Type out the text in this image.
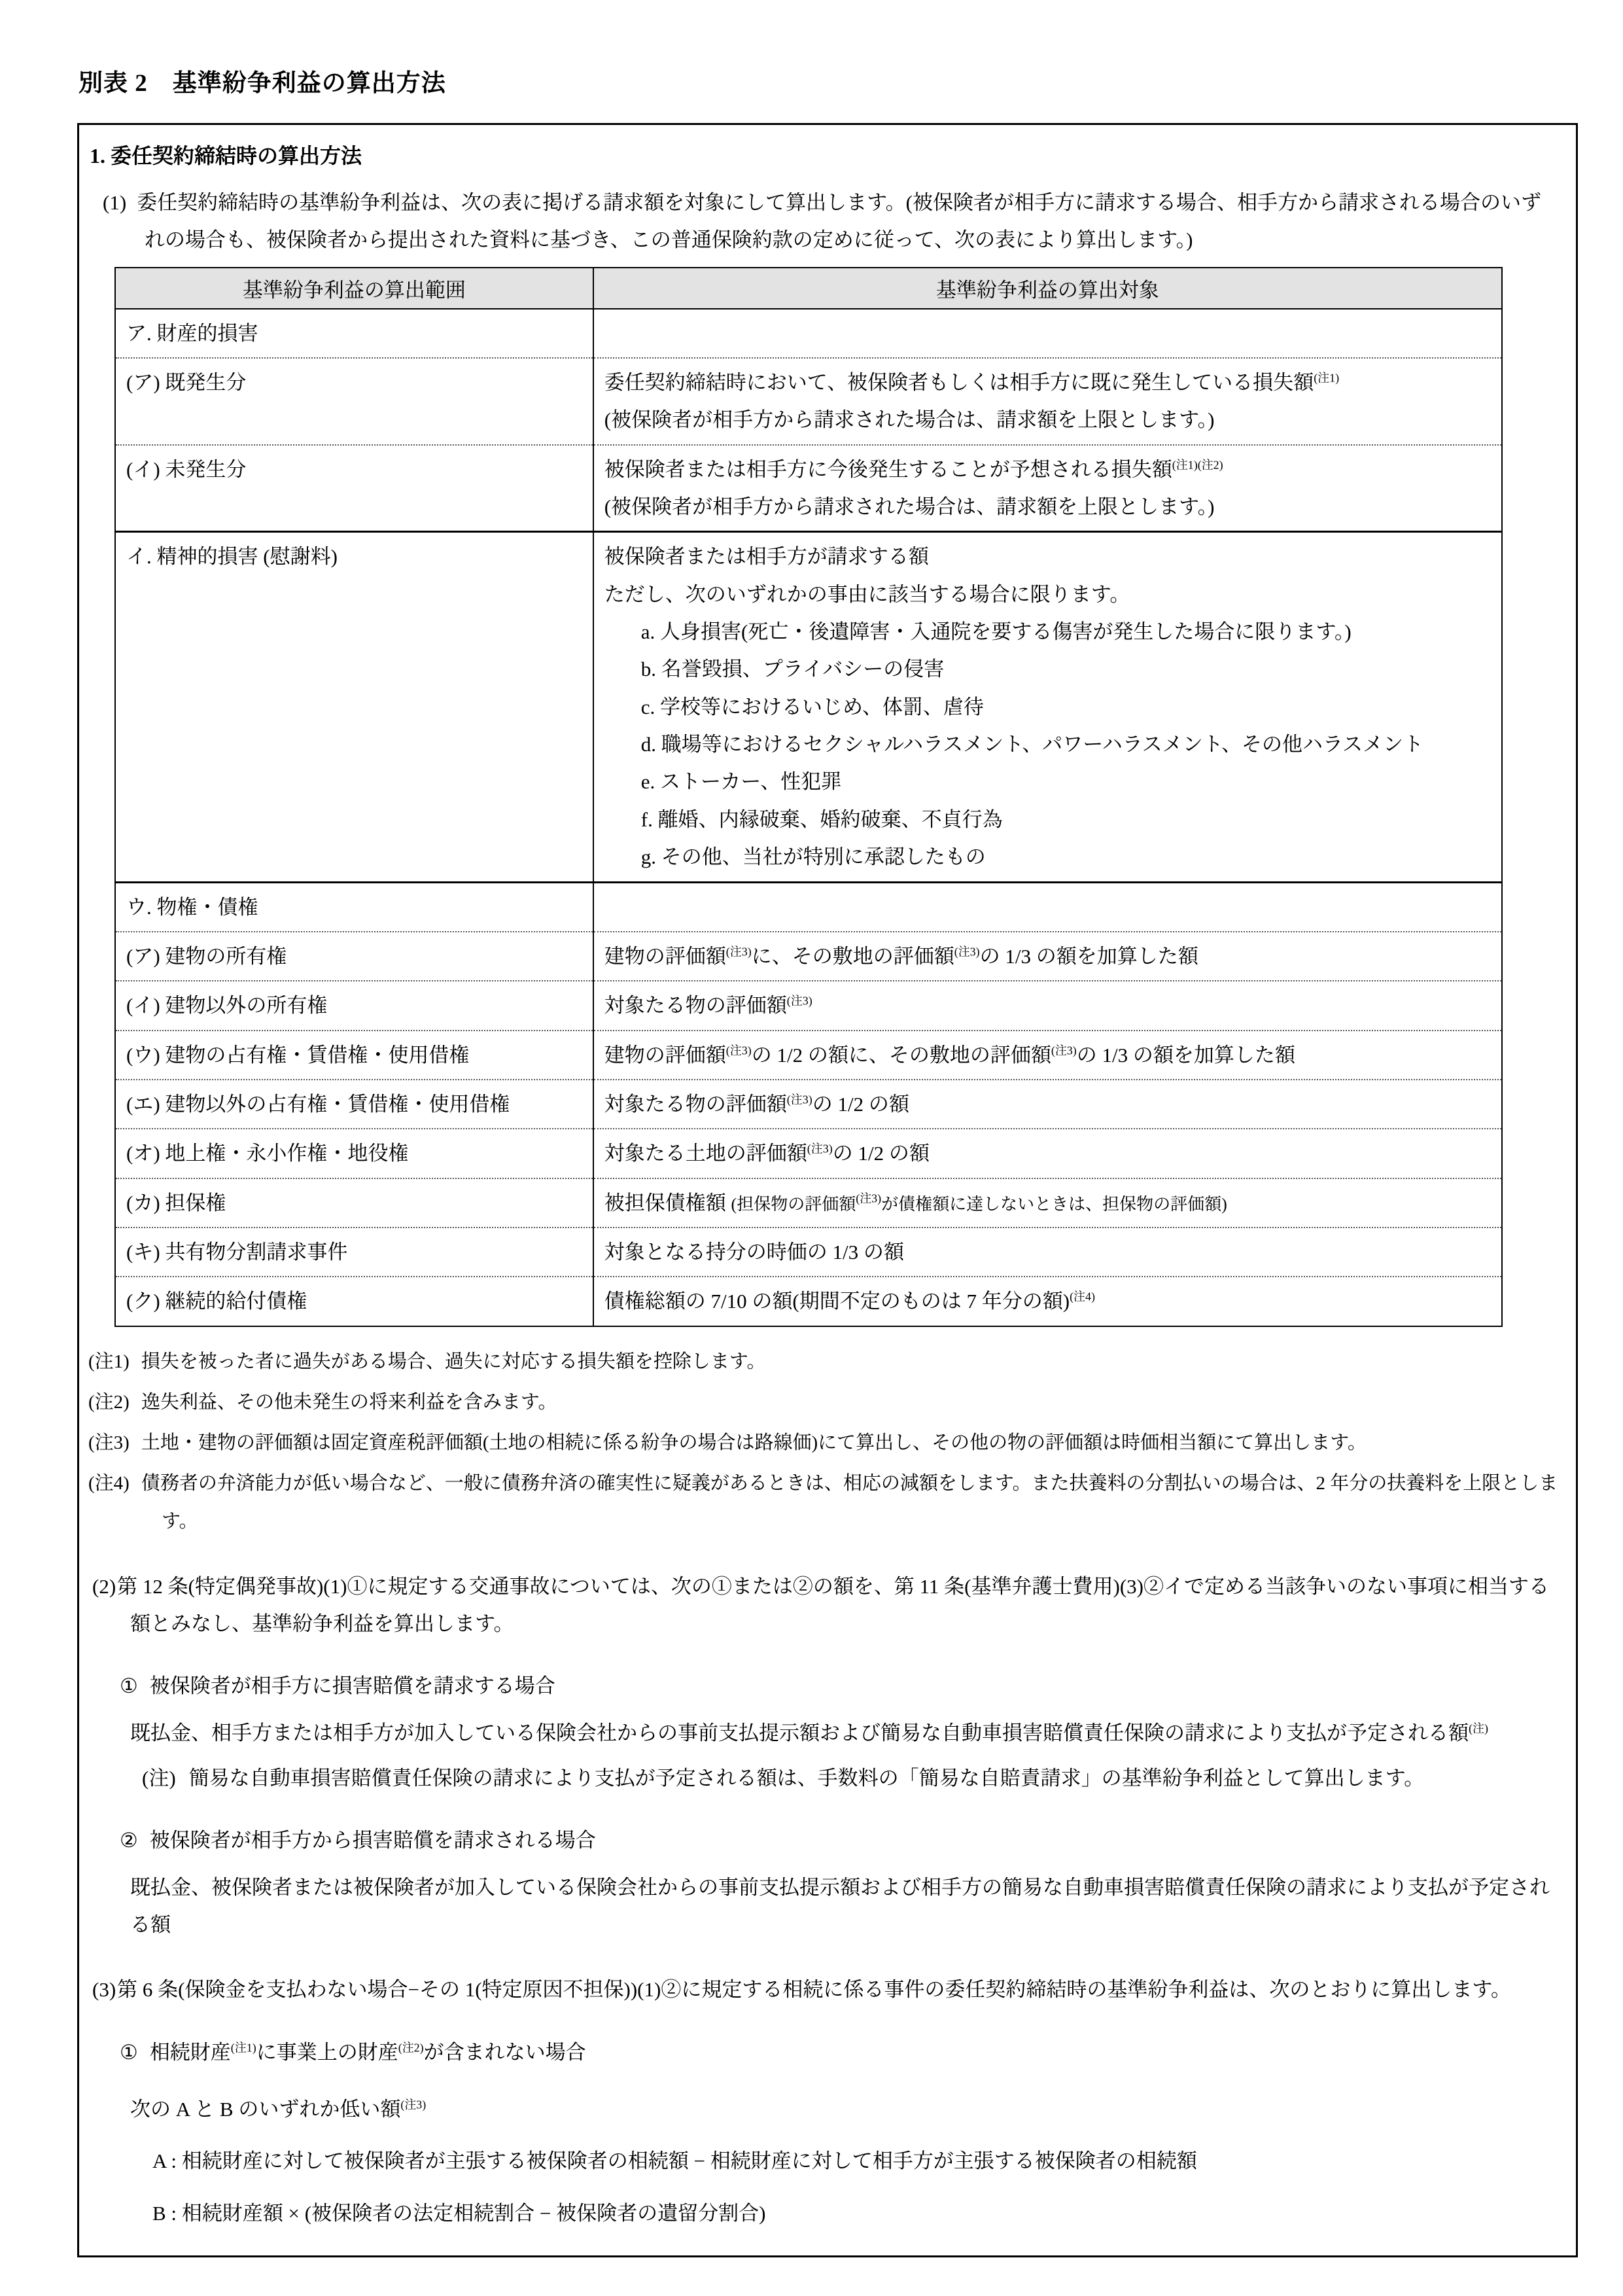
別表 2　基準紛争利益の算出方法
1. 委任契約締結時の算出方法

(1) 委任契約締結時の基準紛争利益は、次の表に掲げる請求額を対象にして算出します。(被保険者が相手方に請求する場合、相手方から請求される場合のいずれの場合も、被保険者から提出された資料に基づき、この普通保険約款の定めに従って、次の表により算出します。)

基準紛争利益の算出範囲	基準紛争利益の算出対象
ア. 財産的損害	
(ア) 既発生分	委任契約締結時において、被保険者もしくは相手方に既に発生している損失額$^{(注1)}$
(被保険者が相手方から請求された場合は、請求額を上限とします。)

(イ) 未発生分	被保険者または相手方に今後発生することが予想される損失額$^{(注1)(注2)}$
(被保険者が相手方から請求された場合は、請求額を上限とします。)

イ. 精神的損害 (慰謝料)	被保険者または相手方が請求する額
ただし、次のいずれかの事由に該当する場合に限ります。
a. 人身損害(死亡・後遺障害・入通院を要する傷害が発生した場合に限ります。)
b. 名誉毀損、プライバシーの侵害
c. 学校等におけるいじめ、体罰、虐待
d. 職場等におけるセクシャルハラスメント、パワーハラスメント、その他ハラスメント
e. ストーカー、性犯罪
f. 離婚、内縁破棄、婚約破棄、不貞行為
g. その他、当社が特別に承認したもの

ウ. 物権・債権	
(ア) 建物の所有権	建物の評価額$^{(注3)}$に、その敷地の評価額$^{(注3)}$の 1/3 の額を加算した額

(イ) 建物以外の所有権	対象たる物の評価額$^{(注3)}$

(ウ) 建物の占有権・賃借権・使用借権	建物の評価額$^{(注3)}$の 1/2 の額に、その敷地の評価額$^{(注3)}$の 1/3 の額を加算した額

(エ) 建物以外の占有権・賃借権・使用借権	対象たる物の評価額$^{(注3)}$の 1/2 の額

(オ) 地上権・永小作権・地役権	対象たる土地の評価額$^{(注3)}$の 1/2 の額

(カ) 担保権	被担保債権額 (担保物の評価額$^{(注3)}$が債権額に達しないときは、担保物の評価額)

(キ) 共有物分割請求事件	対象となる持分の時価の 1/3 の額

(ク) 継続的給付債権	債権総額の 7/10 の額(期間不定のものは 7 年分の額)$^{(注4)}$
(注1) 損失を被った者に過失がある場合、過失に対応する損失額を控除します。
(注2) 逸失利益、その他未発生の将来利益を含みます。
(注3) 土地・建物の評価額は固定資産税評価額(土地の相続に係る紛争の場合は路線価)にて算出し、その他の物の評価額は時価相当額にて算出します。
(注4) 債務者の弁済能力が低い場合など、一般に債務弁済の確実性に疑義があるときは、相応の減額をします。また扶養料の分割払いの場合は、2 年分の扶養料を上限とします。

(2)第 12 条(特定偶発事故)(1)①に規定する交通事故については、次の①または②の額を、第 11 条(基準弁護士費用)(3)②イで定める当該争いのない事項に相当する額とみなし、基準紛争利益を算出します。

① 被保険者が相手方に損害賠償を請求する場合
既払金、相手方または相手方が加入している保険会社からの事前支払提示額および簡易な自動車損害賠償責任保険の請求により支払が予定される額$^{(注)}$
(注) 簡易な自動車損害賠償責任保険の請求により支払が予定される額は、手数料の「簡易な自賠責請求」の基準紛争利益として算出します。
② 被保険者が相手方から損害賠償を請求される場合
既払金、被保険者または被保険者が加入している保険会社からの事前支払提示額および相手方の簡易な自動車損害賠償責任保険の請求により支払が予定される額

(3)第 6 条(保険金を支払わない場合−その 1(特定原因不担保))(1)②に規定する相続に係る事件の委任契約締結時の基準紛争利益は、次のとおりに算出します。

① 相続財産$^{(注1)}$に事業上の財産$^{(注2)}$が含まれない場合
次の A と B のいずれか低い額$^{(注3)}$
A : 相続財産に対して被保険者が主張する被保険者の相続額 − 相続財産に対して相手方が主張する被保険者の相続額
B : 相続財産額 × (被保険者の法定相続割合 − 被保険者の遺留分割合)
